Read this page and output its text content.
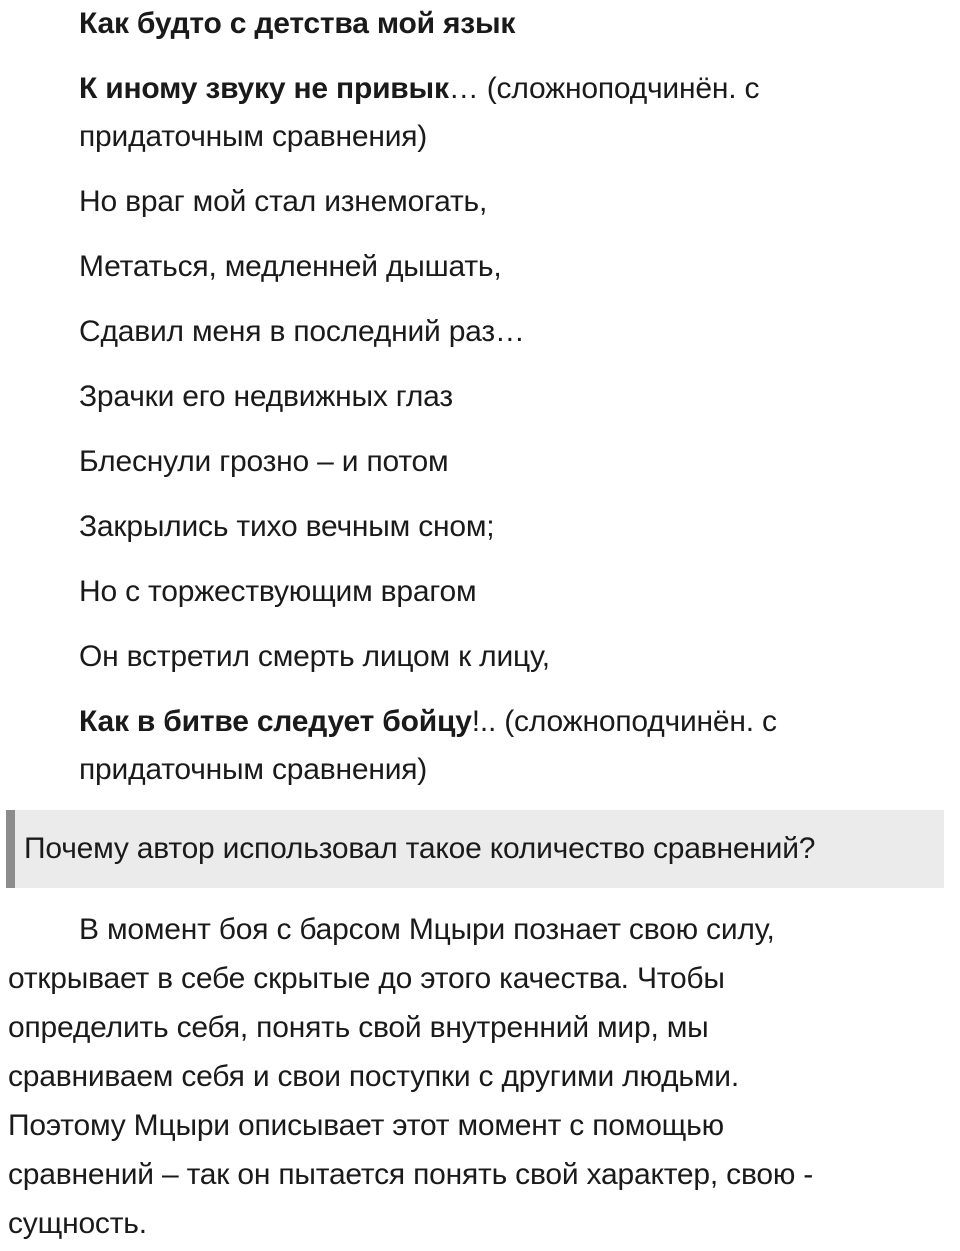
Как будто с детства мой язык
К иному звуку не привык… (сложноподчинён. с
придаточным сравнения)
Но враг мой стал изнемогать,
Метаться, медленней дышать,
Сдавил меня в последний раз…
Зрачки его недвижных глаз
Блеснули грозно – и потом
Закрылись тихо вечным сном;
Но с торжествующим врагом
Он встретил смерть лицом к лицу,
Как в битве следует бойцу!.. (сложноподчинён. с
придаточным сравнения)
Почему автор использовал такое количество сравнений?
В момент боя с барсом Мцыри познает свою силу,
открывает в себе скрытые до этого качества. Чтобы
определить себя, понять свой внутренний мир, мы
сравниваем себя и свои поступки с другими людьми.
Поэтому Мцыри описывает этот момент с помощью
сравнений – так он пытается понять свой характер, свою -
сущность.
